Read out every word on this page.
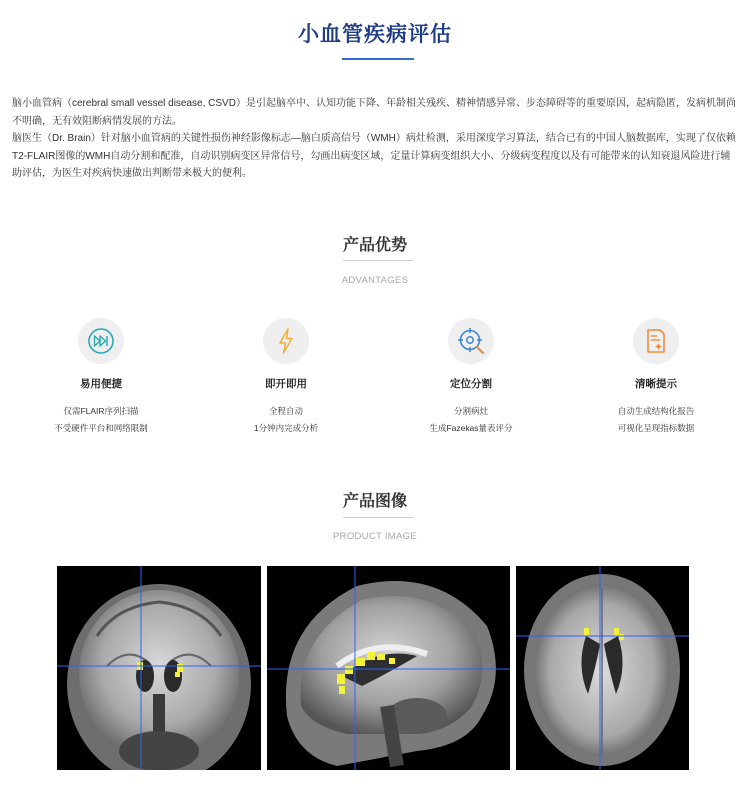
小血管疾病评估

脑小血管病（cerebral small vessel disease, CSVD）是引起脑卒中、认知功能下降、年龄相关残疾、精神情感异常、步态障碍等的重要原因，起病隐匿，发病机制尚不明确，无有效阻断病情发展的方法。

脑医生（Dr. Brain）针对脑小血管病的关键性损伤神经影像标志—脑白质高信号（WMH）病灶检测，采用深度学习算法，结合已有的中国人脑数据库，实现了仅依赖T2-FLAIR图像的WMH自动分割和配准，自动识别病变区异常信号，勾画出病变区域，定量计算病变组织大小、分级病变程度以及有可能带来的认知衰退风险进行辅助评估，为医生对疾病快速做出判断带来极大的便利。

产品优势
ADVANTAGES
易用便捷
仅需FLAIR序列扫描
不受硬件平台和网络限制
即开即用
全程自动
1分钟内完成分析
定位分割
分割病灶
生成Fazekas量表评分
清晰提示
自动生成结构化报告
可视化呈现指标数据
产品图像
PRODUCT IMAGE
